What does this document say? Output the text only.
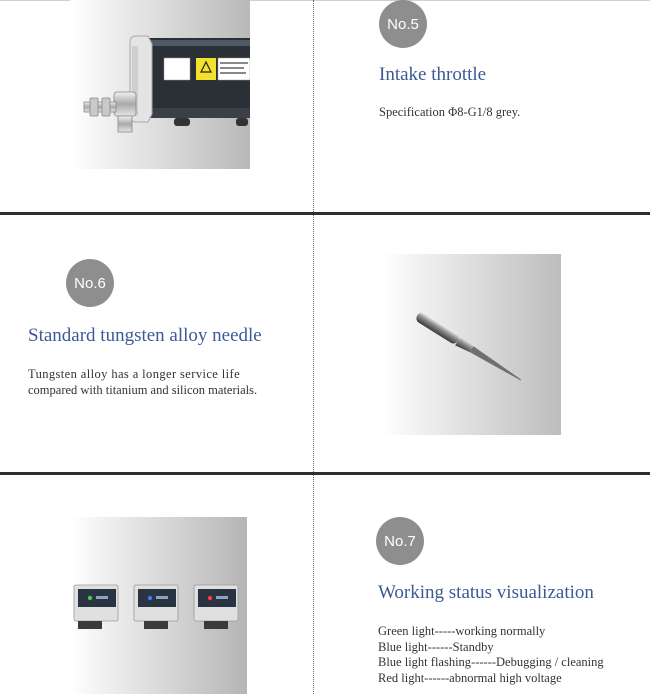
No.5
Intake throttle
Specification Φ8-G1/8 grey.
No.6
Standard tungsten alloy needle
Tungsten alloy has a longer service life
compared with titanium and silicon materials.
No.7
Working status visualization
Green light-----working normally
Blue light------Standby
Blue light flashing------Debugging / cleaning
Red light------abnormal high voltage
